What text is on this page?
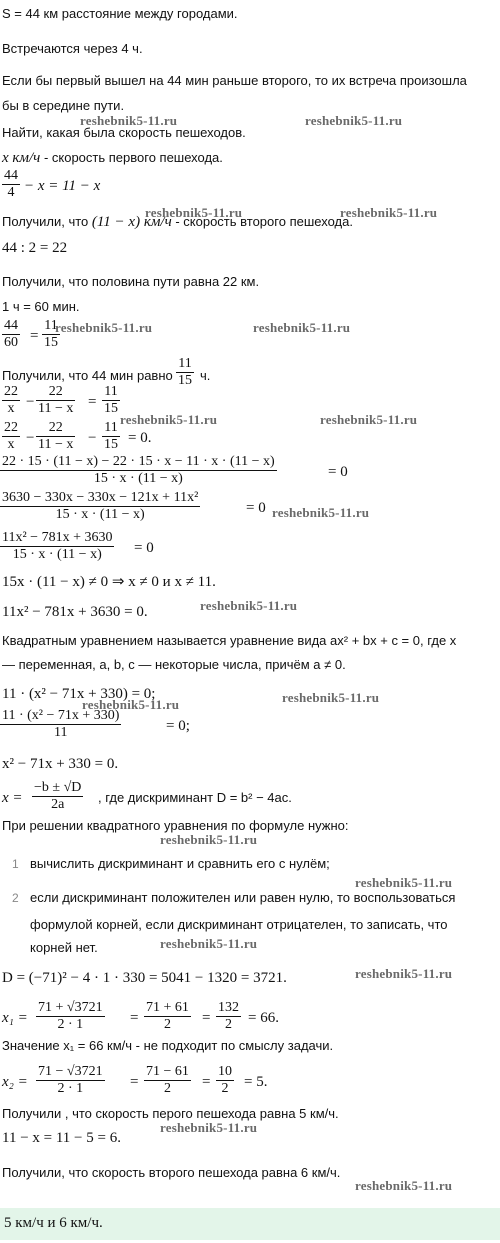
S = 44 км расстояние между городами.
Встречаются через 4 ч.
Если бы первый вышел на 44 мин раньше второго, то их встреча произошла
бы в середине пути.
Найти, какая была скорость пешеходов.
x км/ч - скорость первого пешехода.
$\frac{44}{4} - x = 11 - x$
Получили, что (11 − x) км/ч - скорость второго пешехода.
44 : 2 = 22
Получили, что половина пути равна 22 км.
1 ч = 60 мин.
$\frac{44}{60} = \frac{11}{15}$
Получили, что 44 мин равно $\frac{11}{15} ч$.
$\frac{22}{x} - \frac{22}{11 - x} = \frac{11}{15}$
$\frac{22}{x} - \frac{22}{11 - x} - \frac{11}{15} = 0$.
$\frac{22 \cdot 15 \cdot (11 - x) - 22 \cdot 15 \cdot x - 11 \cdot x \cdot (11 - x)}{15 \cdot x \cdot (11 - x)}$	= 0
$\frac{\text{3630 − 330x − 330x − 121x + 11x²}}{15 \cdot x \cdot (11 - x)}$	= 0
$\frac{\text{11x² − 781x + 3630}}{15 \cdot x \cdot (11 - x)} = 0$
15x · (11 − x) ≠ 0 ⇒ x ≠ 0 и x ≠ 11.
11x² − 781x + 3630 = 0.
Квадратным уравнением называется уравнение вида ax² + bx + c = 0, где x
— переменная, a, b, c — некоторые числа, причём a ≠ 0.
11 · (x² − 71x + 330) = 0;
$\frac{\text{11 · (x² − 71x + 330)}}{11}$	= 0;
x² − 71x + 330 = 0.
$x = \frac{-b \pm √D}{2a}$ , где дискриминант D = b² − 4ac.
При решении квадратного уравнения по формуле нужно:
1 вычислить дискриминант и сравнить его с нулём;
2 если дискриминант положителен или равен нулю, то воспользоваться
формулой корней, если дискриминант отрицателен, то записать, что
корней нет.
D = (−71)² − 4 · 1 · 330 = 5041 − 1320 = 3721.
$x_1 = \frac{71 + √3721}{2 \cdot 1} = \frac{71 + 61}{2} = \frac{132}{2} = 66$.
Значение x₁ = 66 км/ч - не подходит по смыслу задачи.
$x_2 = \frac{71 - √3721}{2 \cdot 1} = \frac{71 - 61}{2} = \frac{10}{2} = 5$.
Получили , что скорость перого пешехода равна 5 км/ч.
11 − x = 11 − 5 = 6.
Получили, что скорость второго пешехода равна 6 км/ч.
5 км/ч и 6 км/ч.
reshebnik5-11.ru	reshebnik5-11.ru
reshebnik5-11.ru	reshebnik5-11.ru
reshebnik5-11.ru	reshebnik5-11.ru
reshebnik5-11.ru	reshebnik5-11.ru
reshebnik5-11.ru
reshebnik5-11.ru
reshebnik5-11.ru
reshebnik5-11.ru
reshebnik5-11.ru
reshebnik5-11.ru
reshebnik5-11.ru
reshebnik5-11.ru
reshebnik5-11.ru
reshebnik5-11.ru
